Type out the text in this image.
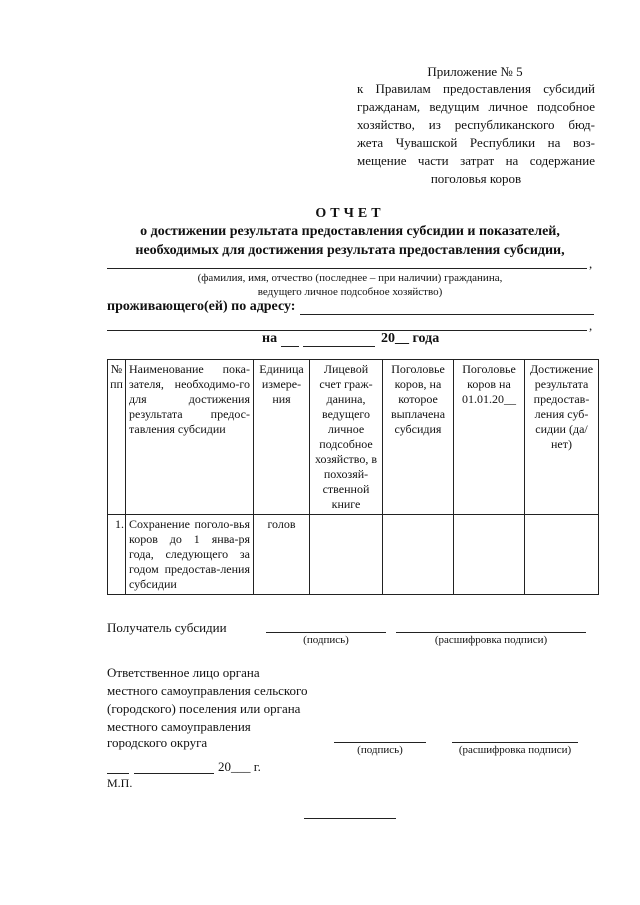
Приложение № 5
к Правилам предоставления субсидий
гражданам, ведущим личное подсобное
хозяйство, из республиканского бюд-
жета Чувашской Республики на воз-
мещение части затрат на содержание
поголовья коров
ОТЧЕТ
о достижении результата предоставления субсидии и показателей,
необходимых для достижения результата предоставления субсидии,
,
(фамилия, имя, отчество (последнее – при наличии) гражданина,
ведущего личное подсобное хозяйство)
проживающего(ей) по адресу:
,
на	20__ года
№ пп	Наименование пока-зателя, необходимо-го для достижения результата предос-тавления субсидии	Единица измере-ния	Лицевой счет граж-данина, ведущего личное подсобное хозяйство, в похозяй-ственной книге	Поголовье коров, на которое выплачена субсидия	Поголовье коров на 01.01.20__	Достижение результата предостав-ления суб-сидии (да/нет)
1.	Сохранение поголо-вья коров до 1 янва-ря года, следующего за годом предостав-ления субсидии	голов				
Получатель субсидии
(подпись)	(расшифровка подписи)
Ответственное лицо органа
местного самоуправления сельского
(городского) поселения или органа
местного самоуправления
городского округа	(подпись)	(расшифровка подписи)
20___ г.
М.П.
